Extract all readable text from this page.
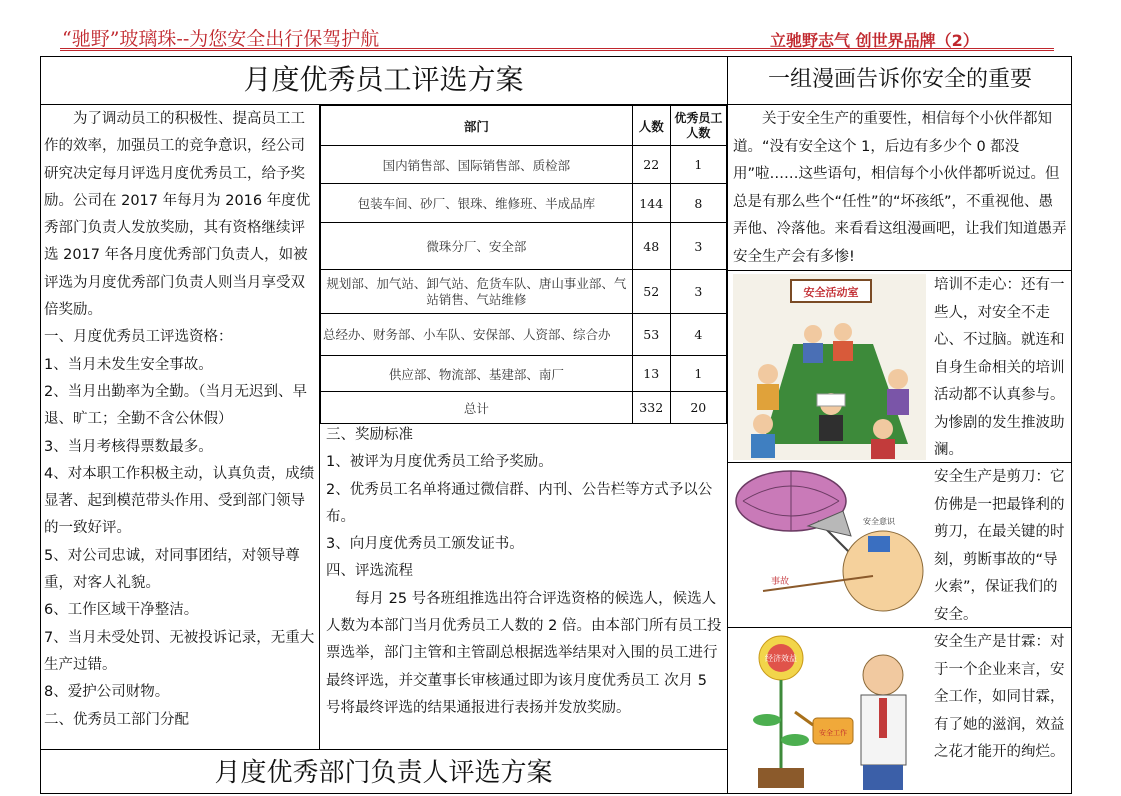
“驰野”玻璃珠--为您安全出行保驾护航	立驰野志气 创世界品牌（2）
月度优秀员工评选方案	一组漫画告诉你安全的重要
月度优秀部门负责人评选方案

为了调动员工的积极性、提高员工工作的效率，加强员工的竞争意识，经公司研究决定每月评选月度优秀员工，给予奖励。公司在 2017 年每月为 2016 年度优秀部门负责人发放奖励，其有资格继续评选 2017 年各月度优秀部门负责人，如被评选为月度优秀部门负责人则当月享受双倍奖励。

一、月度优秀员工评选资格：

1、当月未发生安全事故。

2、当月出勤率为全勤。（当月无迟到、早退、旷工；全勤不含公休假）

3、当月考核得票数最多。

4、对本职工作积极主动，认真负责，成绩显著、起到模范带头作用、受到部门领导的一致好评。

5、对公司忠诚，对同事团结，对领导尊重，对客人礼貌。

6、工作区域干净整洁。

7、当月未受处罚、无被投诉记录，无重大生产过错。

8、爱护公司财物。

二、优秀员工部门分配

部门	人数	优秀员工人数
国内销售部、国际销售部、质检部	22	1
包装车间、砂厂、银珠、维修班、半成品库	144	8
微珠分厂、安全部	48	3
规划部、加气站、卸气站、危货车队、唐山事业部、气站销售、气站维修	52	3
总经办、财务部、小车队、安保部、人资部、综合办	53	4
供应部、物流部、基建部、南厂	13	1
总计	332	20

三、奖励标准

1、被评为月度优秀员工给予奖励。

2、优秀员工名单将通过微信群、内刊、公告栏等方式予以公布。

3、向月度优秀员工颁发证书。

四、评选流程

每月 25 号各班组推选出符合评选资格的候选人，候选人人数为本部门当月优秀员工人数的 2 倍。由本部门所有员工投票选举，部门主管和主管副总根据选举结果对入围的员工进行最终评选，并交董事长审核通过即为该月度优秀员工 次月 5 号将最终评选的结果通报进行表扬并发放奖励。

关于安全生产的重要性，相信每个小伙伴都知道。“没有安全这个 1，后边有多少个 0 都没用”啦……这些语句，相信每个小伙伴都听说过。但总是有那么些个“任性”的“坏孩纸”，不重视他、愚弄他、冷落他。来看看这组漫画吧，让我们知道愚弄安全生产会有多惨!

安全活动室	培训不走心：还有一些人，对安全不走心、不过脑。就连和自身生命相关的培训活动都不认真参与。为惨剧的发生推波助澜。

安全意识
事故

安全生产是剪刀：它仿佛是一把最锋利的剪刀，在最关键的时刻，剪断事故的“导火索”，保证我们的安全。

经济效益
安全工作

安全生产是甘霖：对于一个企业来言，安全工作，如同甘霖，有了她的滋润，效益之花才能开的绚烂。
